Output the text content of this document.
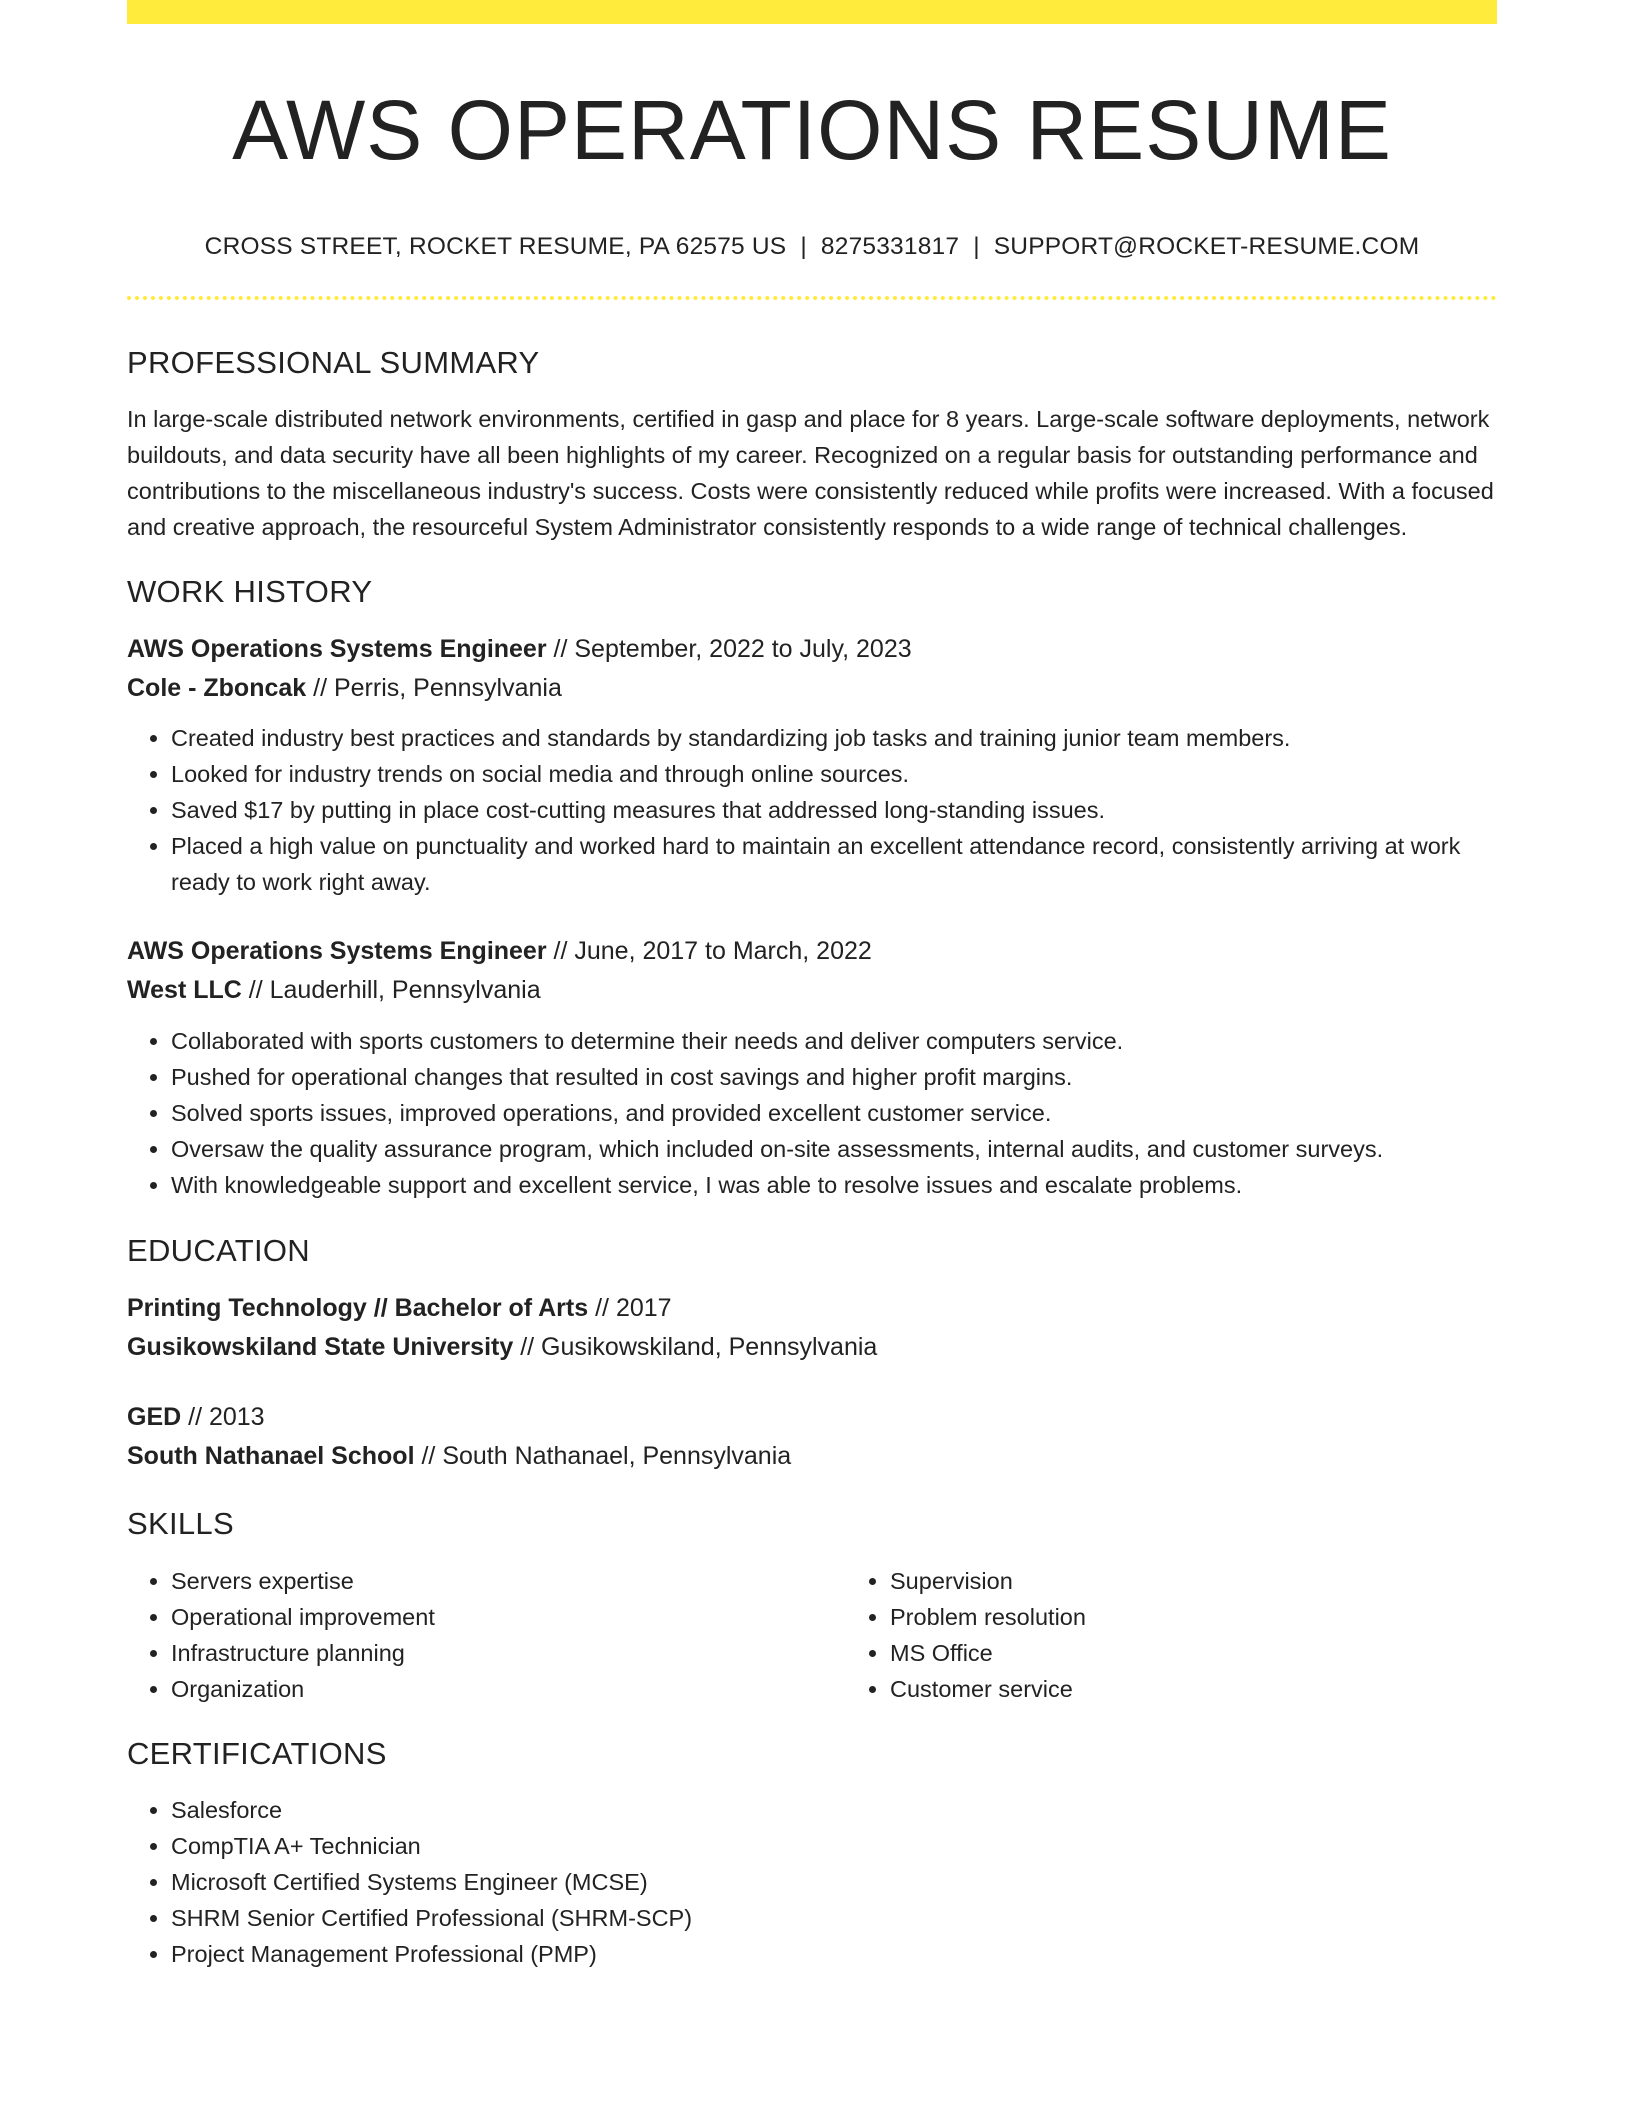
AWS OPERATIONS RESUME
CROSS STREET, ROCKET RESUME, PA 62575 US | 8275331817 | SUPPORT@ROCKET-RESUME.COM
PROFESSIONAL SUMMARY

In large-scale distributed network environments, certified in gasp and place for 8 years. Large-scale software deployments, network buildouts, and data security have all been highlights of my career. Recognized on a regular basis for outstanding performance and contributions to the miscellaneous industry's success. Costs were consistently reduced while profits were increased. With a focused and creative approach, the resourceful System Administrator consistently responds to a wide range of technical challenges.

WORK HISTORY

AWS Operations Systems Engineer // September, 2022 to July, 2023

Cole - Zboncak // Perris, Pennsylvania

• Created industry best practices and standards by standardizing job tasks and training junior team members.
• Looked for industry trends on social media and through online sources.
• Saved $17 by putting in place cost-cutting measures that addressed long-standing issues.
• Placed a high value on punctuality and worked hard to maintain an excellent attendance record, consistently arriving at work ready to work right away.

AWS Operations Systems Engineer // June, 2017 to March, 2022

West LLC // Lauderhill, Pennsylvania

• Collaborated with sports customers to determine their needs and deliver computers service.
• Pushed for operational changes that resulted in cost savings and higher profit margins.
• Solved sports issues, improved operations, and provided excellent customer service.
• Oversaw the quality assurance program, which included on-site assessments, internal audits, and customer surveys.
• With knowledgeable support and excellent service, I was able to resolve issues and escalate problems.
EDUCATION

Printing Technology // Bachelor of Arts // 2017

Gusikowskiland State University // Gusikowskiland, Pennsylvania

GED // 2013

South Nathanael School // South Nathanael, Pennsylvania

SKILLS
• Servers expertise
• Operational improvement
• Infrastructure planning
• Organization
• Supervision
• Problem resolution
• MS Office
• Customer service
CERTIFICATIONS
• Salesforce
• CompTIA A+ Technician
• Microsoft Certified Systems Engineer (MCSE)
• SHRM Senior Certified Professional (SHRM-SCP)
• Project Management Professional (PMP)
